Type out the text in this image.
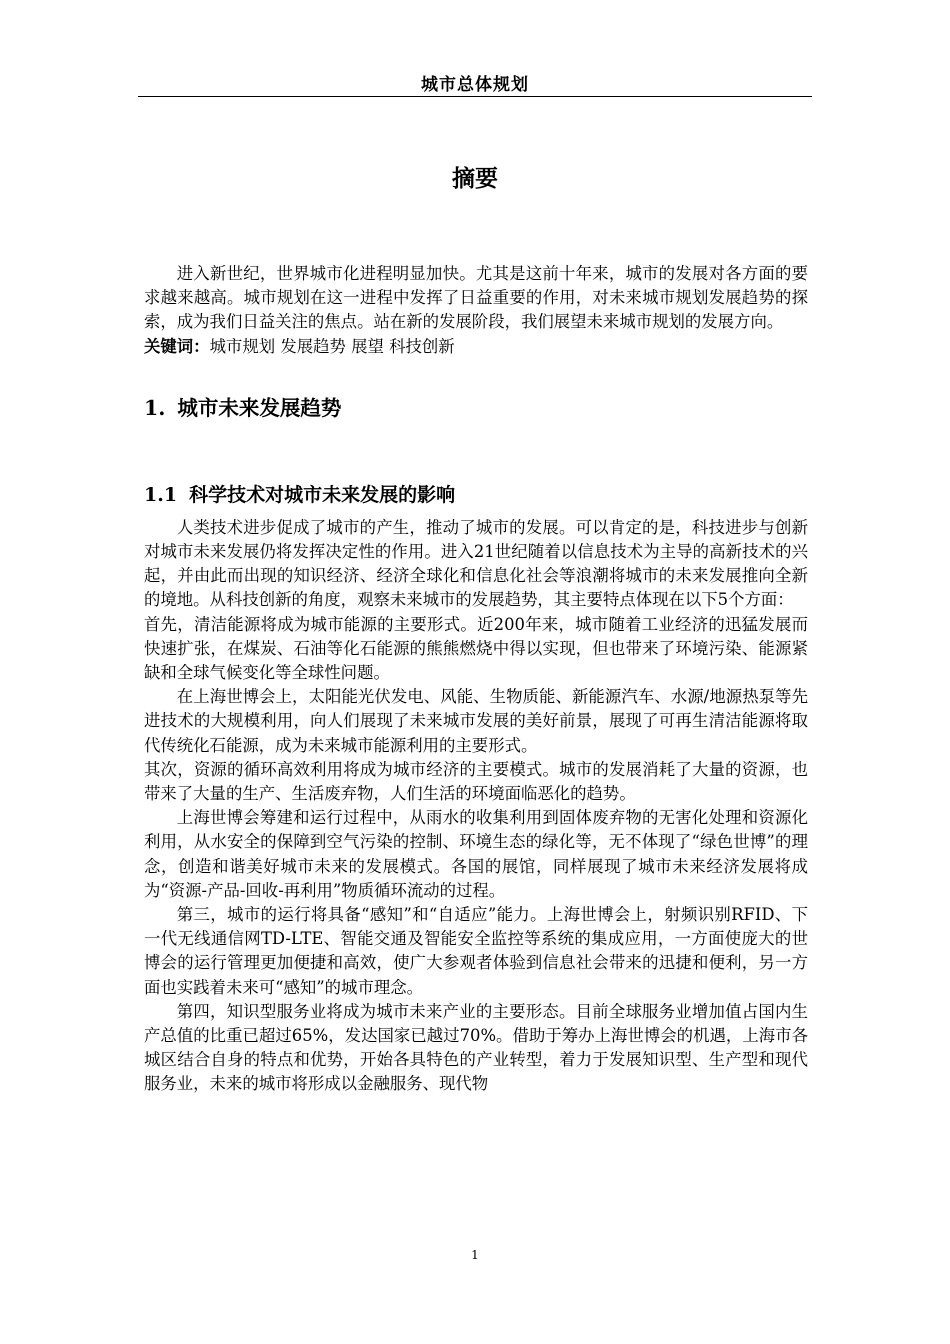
城市总体规划
摘要

进入新世纪，世界城市化进程明显加快。尤其是这前十年来，城市的发展对各方面的要求越来越高。城市规划在这一进程中发挥了日益重要的作用，对未来城市规划发展趋势的探索，成为我们日益关注的焦点。站在新的发展阶段，我们展望未来城市规划的发展方向。

关键词：城市规划 发展趋势 展望 科技创新

1. 城市未来发展趋势
1.1 科学技术对城市未来发展的影响

人类技术进步促成了城市的产生，推动了城市的发展。可以肯定的是，科技进步与创新对城市未来发展仍将发挥决定性的作用。进入21世纪随着以信息技术为主导的高新技术的兴起，并由此而出现的知识经济、经济全球化和信息化社会等浪潮将城市的未来发展推向全新的境地。从科技创新的角度，观察未来城市的发展趋势，其主要特点体现在以下5个方面：

首先，清洁能源将成为城市能源的主要形式。近200年来，城市随着工业经济的迅猛发展而快速扩张，在煤炭、石油等化石能源的熊熊燃烧中得以实现，但也带来了环境污染、能源紧缺和全球气候变化等全球性问题。

在上海世博会上，太阳能光伏发电、风能、生物质能、新能源汽车、水源/地源热泵等先进技术的大规模利用，向人们展现了未来城市发展的美好前景，展现了可再生清洁能源将取代传统化石能源，成为未来城市能源利用的主要形式。

其次，资源的循环高效利用将成为城市经济的主要模式。城市的发展消耗了大量的资源，也带来了大量的生产、生活废弃物，人们生活的环境面临恶化的趋势。

上海世博会筹建和运行过程中，从雨水的收集利用到固体废弃物的无害化处理和资源化利用，从水安全的保障到空气污染的控制、环境生态的绿化等，无不体现了“绿色世博”的理念，创造和谐美好城市未来的发展模式。各国的展馆，同样展现了城市未来经济发展将成为“资源-产品-回收-再利用”物质循环流动的过程。

第三，城市的运行将具备“感知”和“自适应”能力。上海世博会上，射频识别RFID、下一代无线通信网TD-LTE、智能交通及智能安全监控等系统的集成应用，一方面使庞大的世博会的运行管理更加便捷和高效，使广大参观者体验到信息社会带来的迅捷和便利，另一方面也实践着未来可“感知”的城市理念。

第四，知识型服务业将成为城市未来产业的主要形态。目前全球服务业增加值占国内生产总值的比重已超过65%，发达国家已越过70%。借助于筹办上海世博会的机遇，上海市各城区结合自身的特点和优势，开始各具特色的产业转型，着力于发展知识型、生产型和现代服务业，未来的城市将形成以金融服务、现代物

1
